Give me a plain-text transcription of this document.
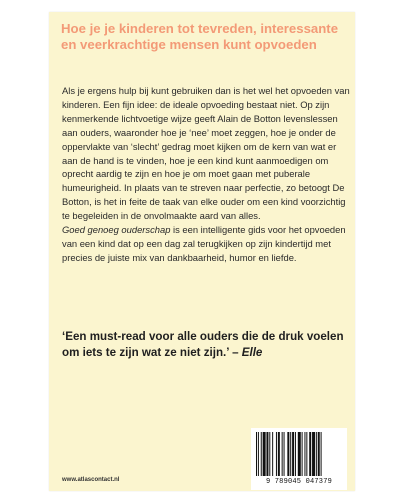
Hoe je je kinderen tot tevreden, interessante en veerkrachtige mensen kunt opvoeden

Als je ergens hulp bij kunt gebruiken dan is het wel het opvoeden van kinderen. Een fijn idee: de ideale opvoeding bestaat niet. Op zijn kenmerkende lichtvoetige wijze geeft Alain de Botton levenslessen aan ouders, waaronder hoe je ‘nee’ moet zeggen, hoe je onder de oppervlakte van ‘slecht’ gedrag moet kijken om de kern van wat er aan de hand is te vinden, hoe je een kind kunt aanmoedigen om oprecht aardig te zijn en hoe je om moet gaan met puberale humeurigheid. In plaats van te streven naar perfectie, zo betoogt De Botton, is het in feite de taak van elke ouder om een kind voorzichtig te begeleiden in de onvolmaakte aard van alles.
Goed genoeg ouderschap is een intelligente gids voor het opvoeden van een kind dat op een dag zal terugkijken op zijn kindertijd met precies de juiste mix van dankbaarheid, humor en liefde.

‘Een must-read voor alle ouders die de druk voelen om iets te zijn wat ze niet zijn.’ – Elle

9 789045 047379
www.atlascontact.nl
